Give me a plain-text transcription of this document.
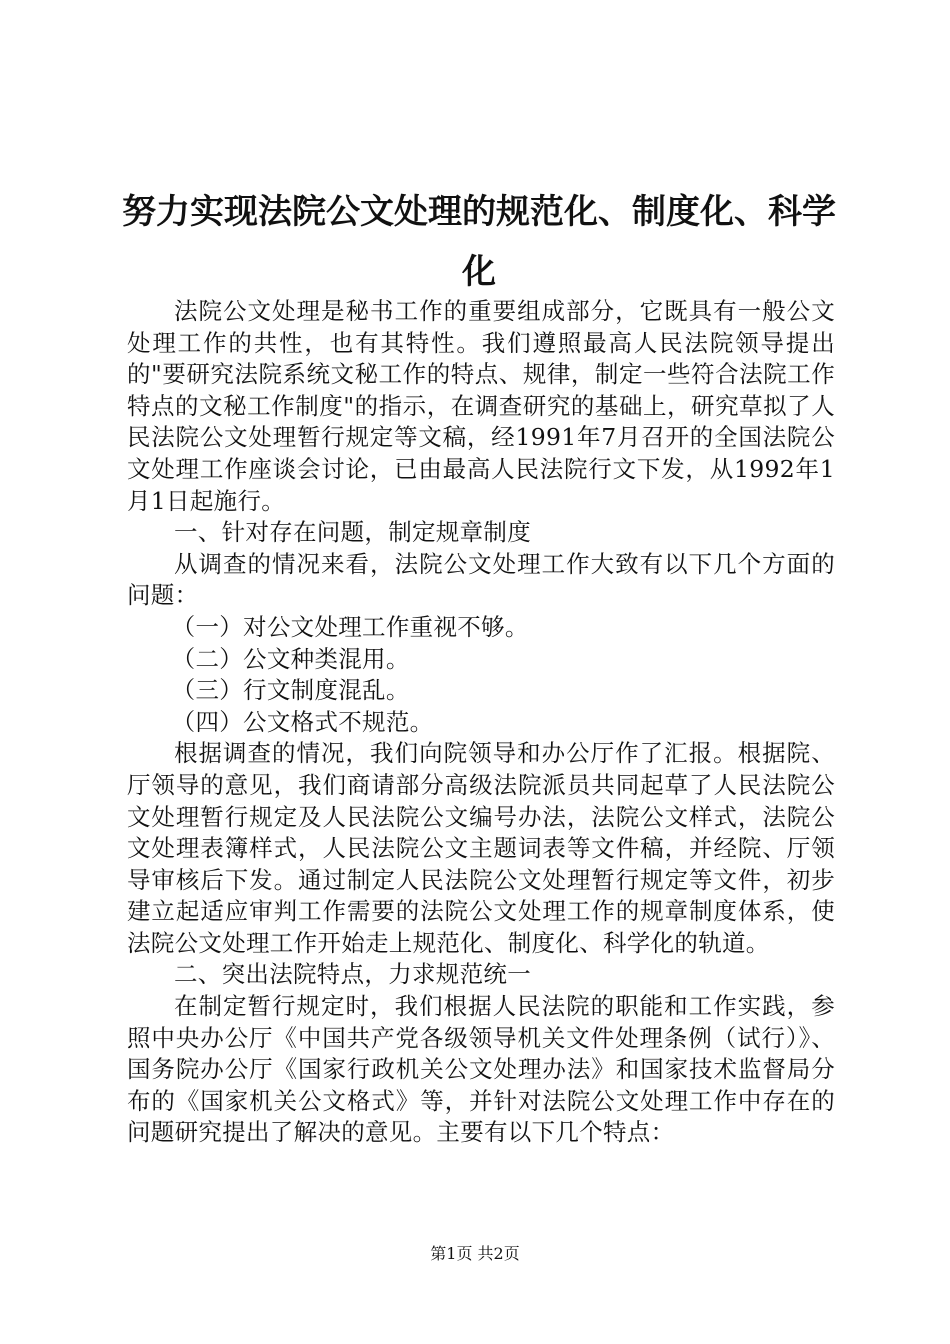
努力实现法院公文处理的规范化、制度化、科学化

法院公文处理是秘书工作的重要组成部分，它既具有一般公文处理工作的共性，也有其特性。我们遵照最高人民法院领导提出的"要研究法院系统文秘工作的特点、规律，制定一些符合法院工作特点的文秘工作制度"的指示，在调查研究的基础上，研究草拟了人民法院公文处理暂行规定等文稿，经1991年7月召开的全国法院公文处理工作座谈会讨论，已由最高人民法院行文下发，从1992年1月1日起施行。

一、针对存在问题，制定规章制度

从调查的情况来看，法院公文处理工作大致有以下几个方面的问题：

（一）对公文处理工作重视不够。

（二）公文种类混用。

（三）行文制度混乱。

（四）公文格式不规范。

根据调查的情况，我们向院领导和办公厅作了汇报。根据院、厅领导的意见，我们商请部分高级法院派员共同起草了人民法院公文处理暂行规定及人民法院公文编号办法，法院公文样式，法院公文处理表簿样式，人民法院公文主题词表等文件稿，并经院、厅领导审核后下发。通过制定人民法院公文处理暂行规定等文件，初步建立起适应审判工作需要的法院公文处理工作的规章制度体系，使法院公文处理工作开始走上规范化、制度化、科学化的轨道。

二、突出法院特点，力求规范统一

在制定暂行规定时，我们根据人民法院的职能和工作实践，参照中央办公厅《中国共产党各级领导机关文件处理条例（试行）》、国务院办公厅《国家行政机关公文处理办法》和国家技术监督局分布的《国家机关公文格式》等，并针对法院公文处理工作中存在的问题研究提出了解决的意见。主要有以下几个特点：

第1页 共2页
